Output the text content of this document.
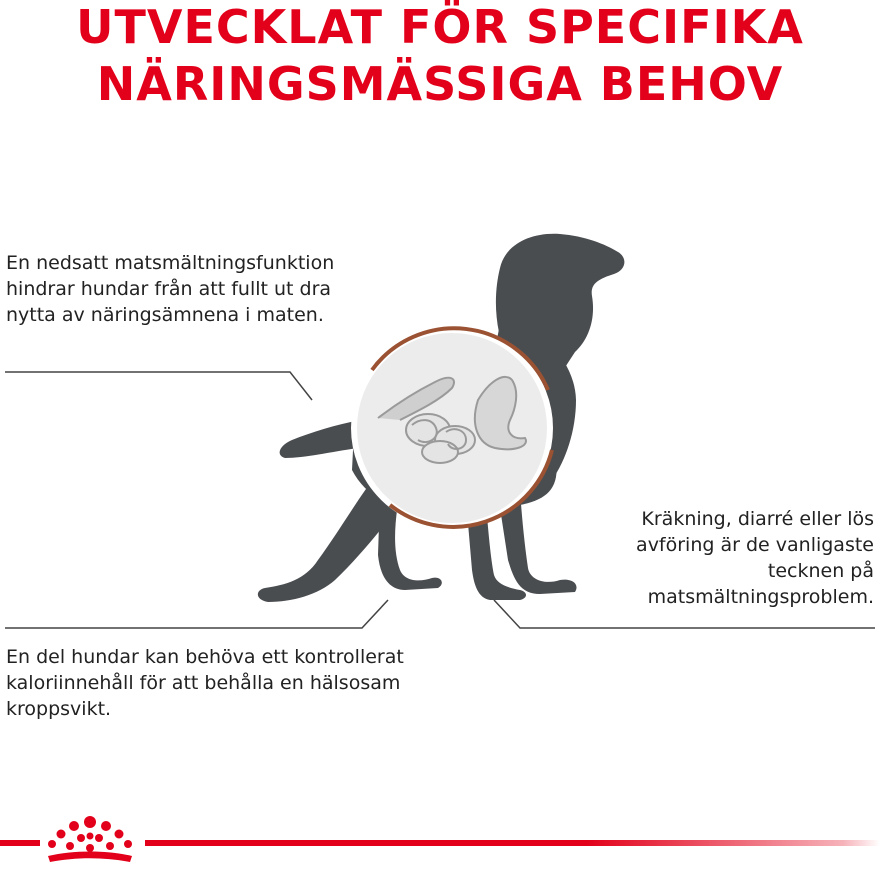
UTVECKLAT FÖR SPECIFIKA
NÄRINGSMÄSSIGA BEHOV
En nedsatt matsmältningsfunktion hindrar hundar från att fullt ut dra nytta av näringsämnena i maten.
Kräkning, diarré eller lös avföring är de vanligaste tecknen på matsmältningsproblem.
En del hundar kan behöva ett kontrollerat kaloriinnehåll för att behålla en hälsosam kroppsvikt.
